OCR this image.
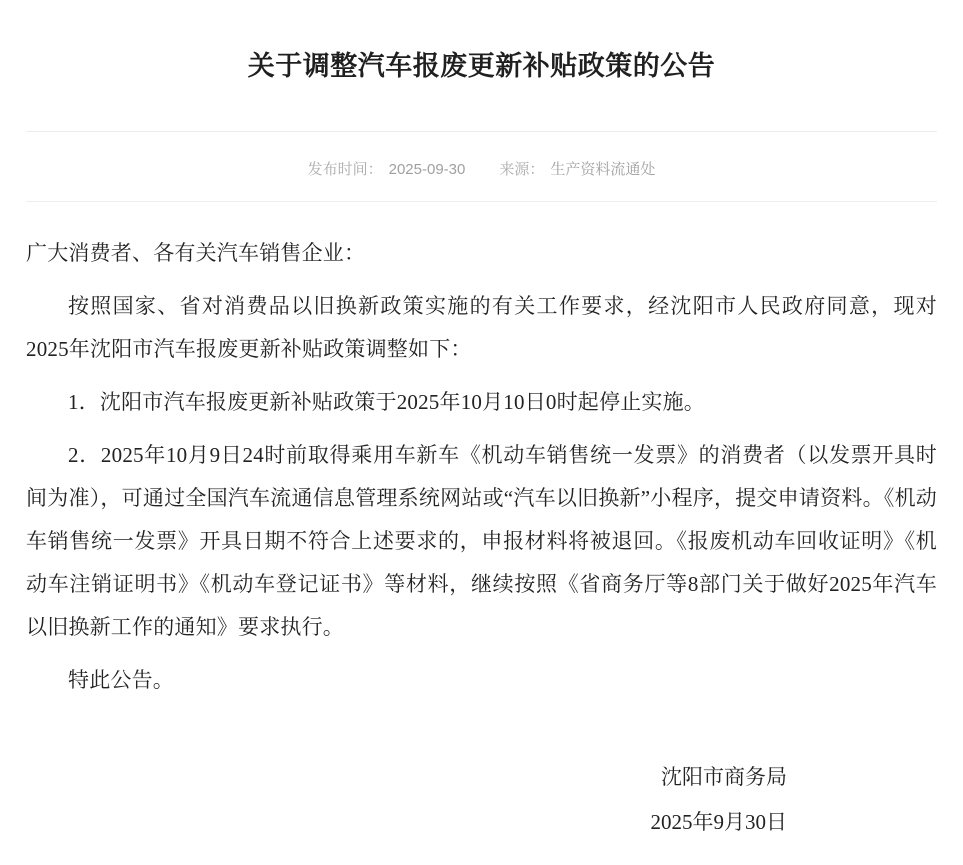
关于调整汽车报废更新补贴政策的公告
发布时间： 2025-09-30 来源： 生产资料流通处

广大消费者、各有关汽车销售企业：

按照国家、省对消费品以旧换新政策实施的有关工作要求，经沈阳市人民政府同意，现对2025年沈阳市汽车报废更新补贴政策调整如下：

1．沈阳市汽车报废更新补贴政策于2025年10月10日0时起停止实施。

2．2025年10月9日24时前取得乘用车新车《机动车销售统一发票》的消费者（以发票开具时间为准），可通过全国汽车流通信息管理系统网站或“汽车以旧换新”小程序，提交申请资料。《机动车销售统一发票》开具日期不符合上述要求的，申报材料将被退回。《报废机动车回收证明》《机动车注销证明书》《机动车登记证书》等材料，继续按照《省商务厅等8部门关于做好2025年汽车以旧换新工作的通知》要求执行。

特此公告。

沈阳市商务局
2025年9月30日
